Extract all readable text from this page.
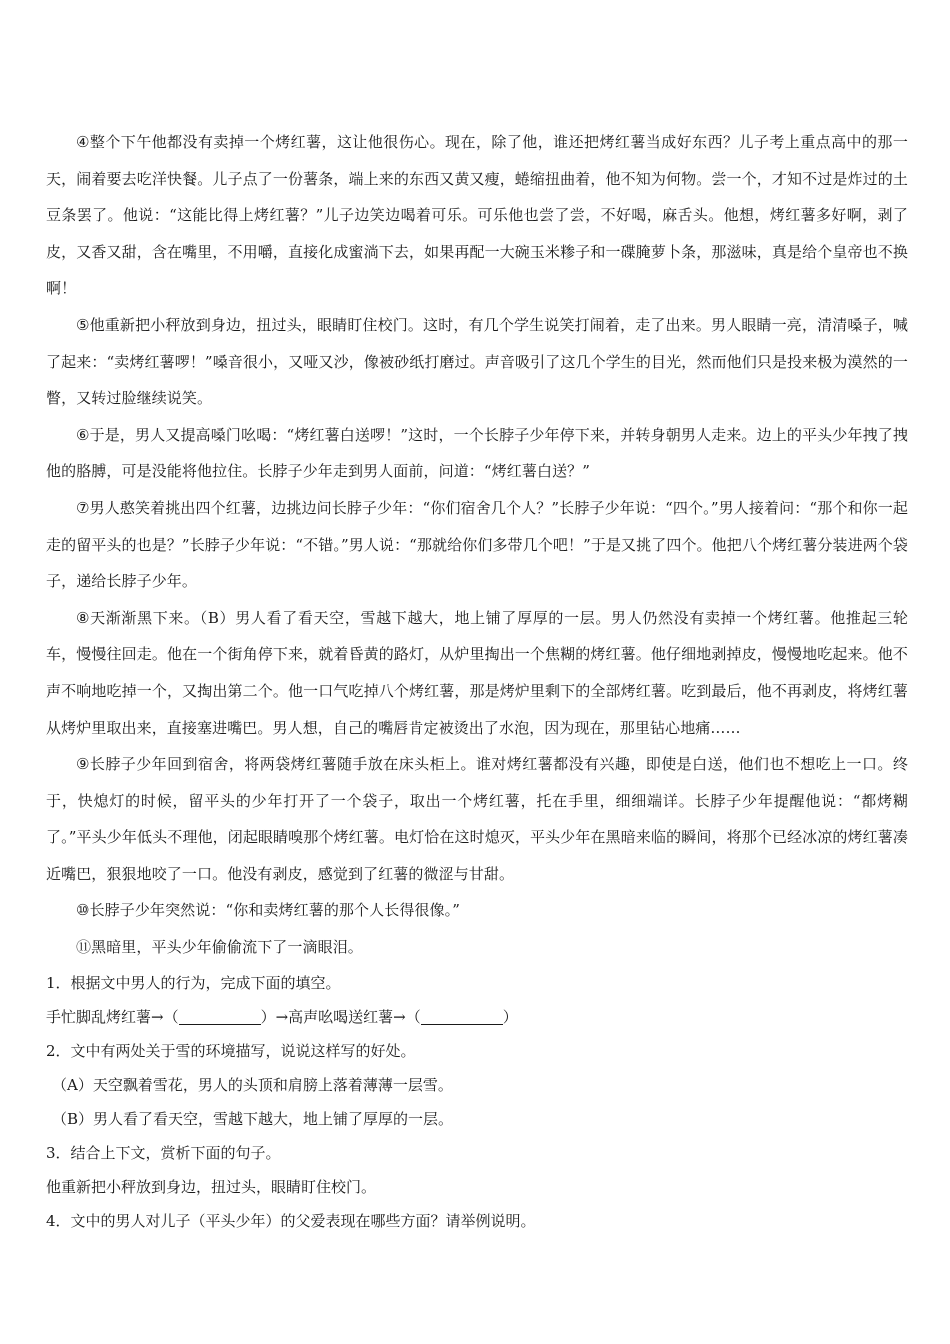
④整个下午他都没有卖掉一个烤红薯，这让他很伤心。现在，除了他，谁还把烤红薯当成好东西？儿子考上重点高中的那一天，闹着要去吃洋快餐。儿子点了一份薯条，端上来的东西又黄又瘦，蜷缩扭曲着，他不知为何物。尝一个，才知不过是炸过的土豆条罢了。他说：“这能比得上烤红薯？”儿子边笑边喝着可乐。可乐他也尝了尝，不好喝，麻舌头。他想，烤红薯多好啊，剥了皮，又香又甜，含在嘴里，不用嚼，直接化成蜜淌下去，如果再配一大碗玉米糁子和一碟腌萝卜条，那滋味，真是给个皇帝也不换啊！

⑤他重新把小秤放到身边，扭过头，眼睛盯住校门。这时，有几个学生说笑打闹着，走了出来。男人眼睛一亮，清清嗓子，喊了起来：“卖烤红薯啰！”嗓音很小，又哑又沙，像被砂纸打磨过。声音吸引了这几个学生的目光，然而他们只是投来极为漠然的一瞥，又转过脸继续说笑。

⑥于是，男人又提高嗓门吆喝：“烤红薯白送啰！”这时，一个长脖子少年停下来，并转身朝男人走来。边上的平头少年拽了拽他的胳膊，可是没能将他拉住。长脖子少年走到男人面前，问道：“烤红薯白送？”

⑦男人憨笑着挑出四个红薯，边挑边问长脖子少年：“你们宿舍几个人？”长脖子少年说：“四个。”男人接着问：“那个和你一起走的留平头的也是？”长脖子少年说：“不错。”男人说：“那就给你们多带几个吧！”于是又挑了四个。他把八个烤红薯分装进两个袋子，递给长脖子少年。

⑧天渐渐黑下来。（B）男人看了看天空，雪越下越大，地上铺了厚厚的一层。男人仍然没有卖掉一个烤红薯。他推起三轮车，慢慢往回走。他在一个街角停下来，就着昏黄的路灯，从炉里掏出一个焦糊的烤红薯。他仔细地剥掉皮，慢慢地吃起来。他不声不响地吃掉一个，又掏出第二个。他一口气吃掉八个烤红薯，那是烤炉里剩下的全部烤红薯。吃到最后，他不再剥皮，将烤红薯从烤炉里取出来，直接塞进嘴巴。男人想，自己的嘴唇肯定被烫出了水泡，因为现在，那里钻心地痛……

⑨长脖子少年回到宿舍，将两袋烤红薯随手放在床头柜上。谁对烤红薯都没有兴趣，即使是白送，他们也不想吃上一口。终于，快熄灯的时候，留平头的少年打开了一个袋子，取出一个烤红薯，托在手里，细细端详。长脖子少年提醒他说：“都烤糊了。”平头少年低头不理他，闭起眼睛嗅那个烤红薯。电灯恰在这时熄灭，平头少年在黑暗来临的瞬间，将那个已经冰凉的烤红薯凑近嘴巴，狠狠地咬了一口。他没有剥皮，感觉到了红薯的微涩与甘甜。

⑩长脖子少年突然说：“你和卖烤红薯的那个人长得很像。”

⑪黑暗里，平头少年偷偷流下了一滴眼泪。

1．根据文中男人的行为，完成下面的填空。

手忙脚乱烤红薯→（	）→高声吆喝送红薯→（	）

2．文中有两处关于雪的环境描写，说说这样写的好处。

（A）天空飘着雪花，男人的头顶和肩膀上落着薄薄一层雪。

（B）男人看了看天空，雪越下越大，地上铺了厚厚的一层。

3．结合上下文，赏析下面的句子。

他重新把小秤放到身边，扭过头，眼睛盯住校门。

4．文中的男人对儿子（平头少年）的父爱表现在哪些方面？请举例说明。
